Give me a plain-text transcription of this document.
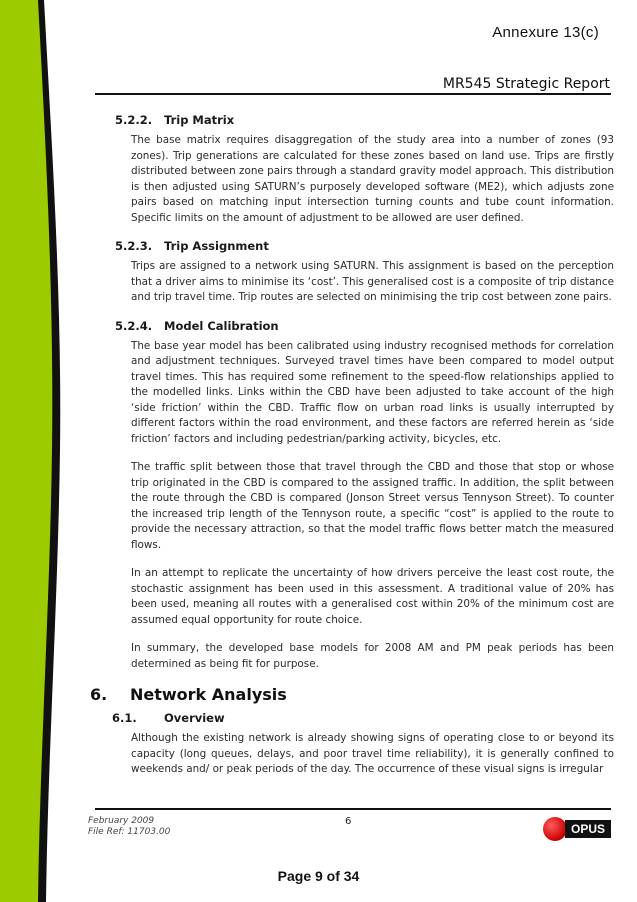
Annexure 13(c)
MR545 Strategic Report
5.2.2. Trip Matrix

The base matrix requires disaggregation of the study area into a number of zones (93 zones). Trip generations are calculated for these zones based on land use. Trips are firstly distributed between zone pairs through a standard gravity model approach. This distribution is then adjusted using SATURN’s purposely developed software (ME2), which adjusts zone pairs based on matching input intersection turning counts and tube count information. Specific limits on the amount of adjustment to be allowed are user defined.

5.2.3. Trip Assignment

Trips are assigned to a network using SATURN. This assignment is based on the perception that a driver aims to minimise its ‘cost’. This generalised cost is a composite of trip distance and trip travel time. Trip routes are selected on minimising the trip cost between zone pairs.

5.2.4. Model Calibration

The base year model has been calibrated using industry recognised methods for correlation and adjustment techniques. Surveyed travel times have been compared to model output travel times. This has required some refinement to the speed-flow relationships applied to the modelled links. Links within the CBD have been adjusted to take account of the high ‘side friction’ within the CBD. Traffic flow on urban road links is usually interrupted by different factors within the road environment, and these factors are referred herein as ‘side friction’ factors and including pedestrian/parking activity, bicycles, etc.

The traffic split between those that travel through the CBD and those that stop or whose trip originated in the CBD is compared to the assigned traffic. In addition, the split between the route through the CBD is compared (Jonson Street versus Tennyson Street). To counter the increased trip length of the Tennyson route, a specific “cost” is applied to the route to provide the necessary attraction, so that the model traffic flows better match the measured flows.

In an attempt to replicate the uncertainty of how drivers perceive the least cost route, the stochastic assignment has been used in this assessment. A traditional value of 20% has been used, meaning all routes with a generalised cost within 20% of the minimum cost are assumed equal opportunity for route choice.

In summary, the developed base models for 2008 AM and PM peak periods has been determined as being fit for purpose.

6. Network Analysis
6.1. Overview

Although the existing network is already showing signs of operating close to or beyond its capacity (long queues, delays, and poor travel time reliability), it is generally confined to weekends and/ or peak periods of the day. The occurrence of these visual signs is irregular

February 2009
File Ref: 11703.00
6
OPUS
Page 9 of 34
